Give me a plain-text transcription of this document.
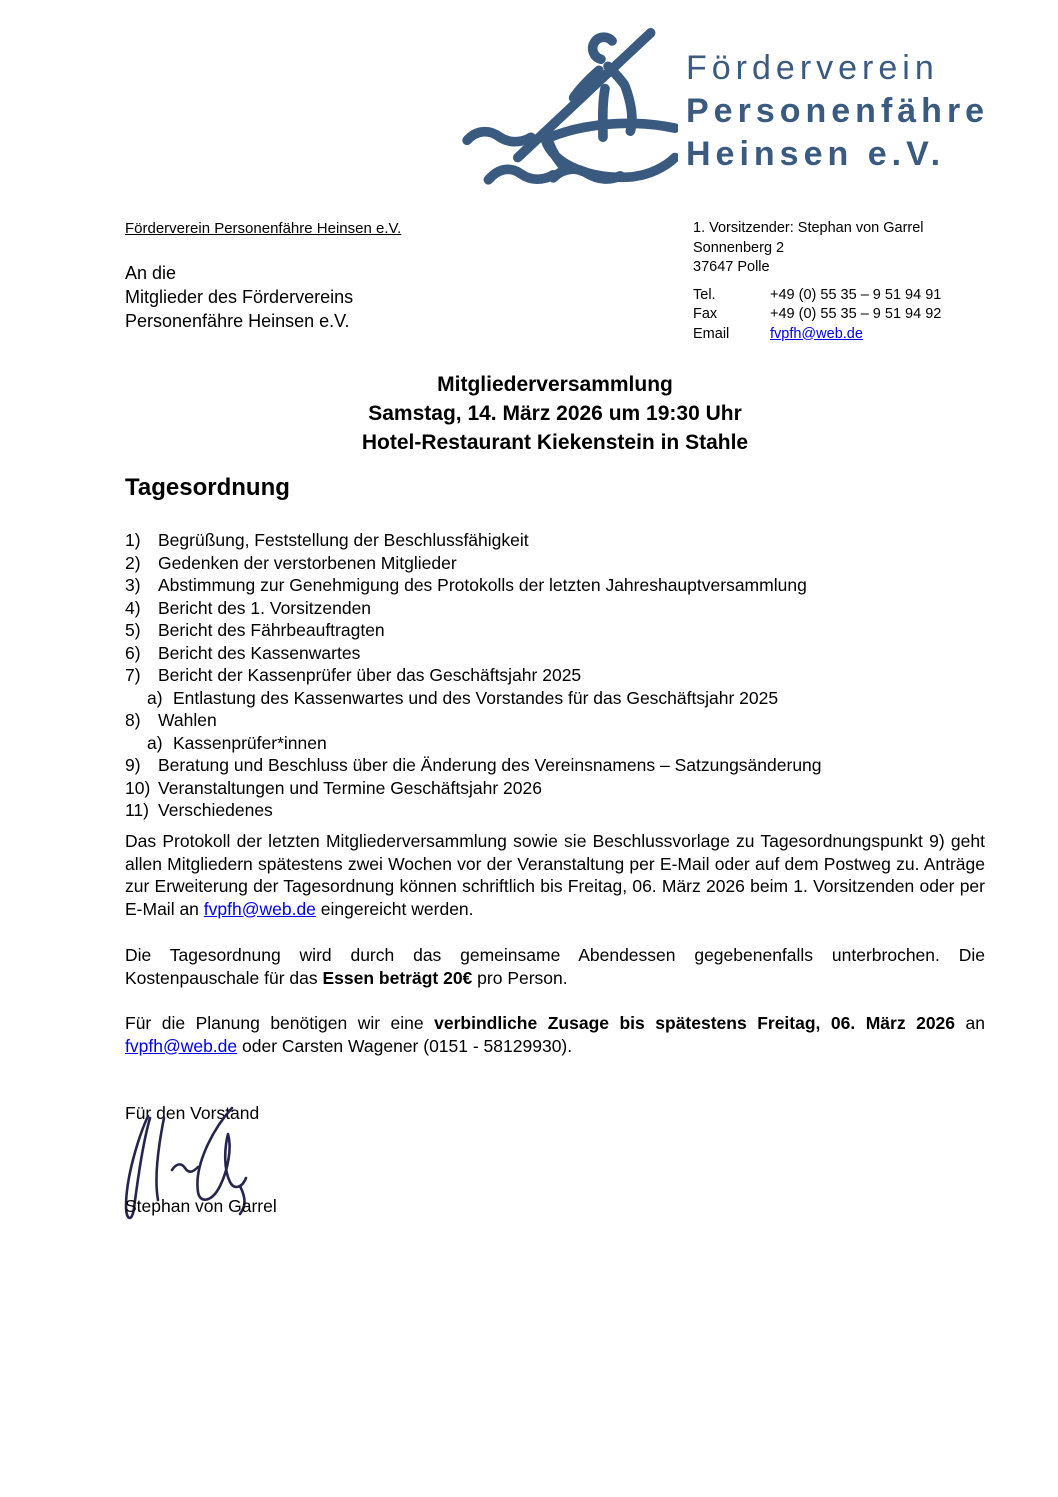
Förderverein
Personenfähre
Heinsen e.V.
Förderverein Personenfähre Heinsen e.V.
An die
Mitglieder des Fördervereins
Personenfähre Heinsen e.V.
1. Vorsitzender: Stephan von Garrel
Sonnenberg 2
37647 Polle
Tel.	+49 (0) 55 35 – 9 51 94 91
Fax	+49 (0) 55 35 – 9 51 94 92
Email	fvpfh@web.de
Mitgliederversammlung
Samstag, 14. März 2026 um 19:30 Uhr
Hotel-Restaurant Kiekenstein in Stahle
Tagesordnung
1) Begrüßung, Feststellung der Beschlussfähigkeit
2) Gedenken der verstorbenen Mitglieder
3) Abstimmung zur Genehmigung des Protokolls der letzten Jahreshauptversammlung
4) Bericht des 1. Vorsitzenden
5) Bericht des Fährbeauftragten
6) Bericht des Kassenwartes
7) Bericht der Kassenprüfer über das Geschäftsjahr 2025
a) Entlastung des Kassenwartes und des Vorstandes für das Geschäftsjahr 2025
8) Wahlen
a) Kassenprüfer*innen
9) Beratung und Beschluss über die Änderung des Vereinsnamens – Satzungsänderung
10) Veranstaltungen und Termine Geschäftsjahr 2026
11) Verschiedenes
Das Protokoll der letzten Mitgliederversammlung sowie sie Beschlussvorlage zu Tagesordnungspunkt 9) geht allen Mitgliedern spätestens zwei Wochen vor der Veranstaltung per E-Mail oder auf dem Postweg zu. Anträge zur Erweiterung der Tagesordnung können schriftlich bis Freitag, 06. März 2026 beim 1. Vorsitzenden oder per E-Mail an fvpfh@web.de eingereicht werden.
Die Tagesordnung wird durch das gemeinsame Abendessen gegebenenfalls unterbrochen. Die Kostenpauschale für das Essen beträgt 20€ pro Person.
Für die Planung benötigen wir eine verbindliche Zusage bis spätestens Freitag, 06. März 2026 an fvpfh@web.de oder Carsten Wagener (0151 - 58129930).
Für den Vorstand
Stephan von Garrel
